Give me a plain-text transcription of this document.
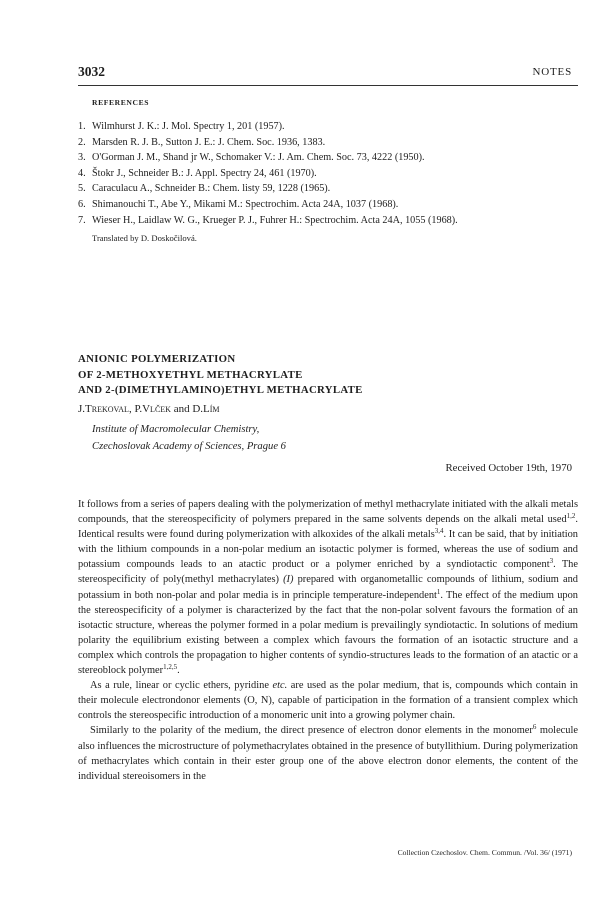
3032	NOTES
REFERENCES
1. Wilmhurst J. K.: J. Mol. Spectry 1, 201 (1957).
2. Marsden R. J. B., Sutton J. E.: J. Chem. Soc. 1936, 1383.
3. O'Gorman J. M., Shand jr W., Schomaker V.: J. Am. Chem. Soc. 73, 4222 (1950).
4. Štokr J., Schneider B.: J. Appl. Spectry 24, 461 (1970).
5. Caraculacu A., Schneider B.: Chem. listy 59, 1228 (1965).
6. Shimanouchi T., Abe Y., Mikami M.: Spectrochim. Acta 24A, 1037 (1968).
7. Wieser H., Laidlaw W. G., Krueger P. J., Fuhrer H.: Spectrochim. Acta 24A, 1055 (1968).
Translated by D. Doskočilová.
ANIONIC POLYMERIZATION
OF 2-METHOXYETHYL METHACRYLATE
AND 2-(DIMETHYLAMINO)ETHYL METHACRYLATE
J.Trekoval, P.Vlček and D.Lím
Institute of Macromolecular Chemistry,
Czechoslovak Academy of Sciences, Prague 6
Received October 19th, 1970

It follows from a series of papers dealing with the polymerization of methyl methacrylate initiated with the alkali metals compounds, that the stereospecificity of polymers prepared in the same solvents depends on the alkali metal used$^{1,2}$. Identical results were found during polymerization with alkoxides of the alkali metals$^{3,4}$. It can be said, that by initiation with the lithium compounds in a non-polar medium an isotactic polymer is formed, whereas the use of sodium and potassium compounds leads to an atactic product or a polymer enriched by a syndiotactic component$^3$. The stereospecificity of poly(methyl methacrylates) (I) prepared with organometallic compounds of lithium, sodium and potassium in both non-polar and polar media is in principle temperature-independent$^1$. The effect of the medium upon the stereospecificity of a polymer is characterized by the fact that the non-polar solvent favours the formation of an isotactic structure, whereas the polymer formed in a polar medium is prevailingly syndiotactic. In solutions of medium polarity the equilibrium existing between a complex which favours the formation of an isotactic structure and a complex which controls the propagation to higher contents of syndio-structures leads to the formation of an atactic or a stereoblock polymer$^{1,2,5}$.

As a rule, linear or cyclic ethers, pyridine etc. are used as the polar medium, that is, compounds which contain in their molecule electrondonor elements (O, N), capable of participation in the formation of a transient complex which controls the stereospecific introduction of a monomeric unit into a growing polymer chain.

Similarly to the polarity of the medium, the direct presence of electron donor elements in the monomer$^6$ molecule also influences the microstructure of polymethacrylates obtained in the presence of butyllithium. During polymerization of methacrylates which contain in their ester group one of the above electron donor elements, the content of the individual stereoisomers in the

Collection Czechoslov. Chem. Commun. /Vol. 36/ (1971)
